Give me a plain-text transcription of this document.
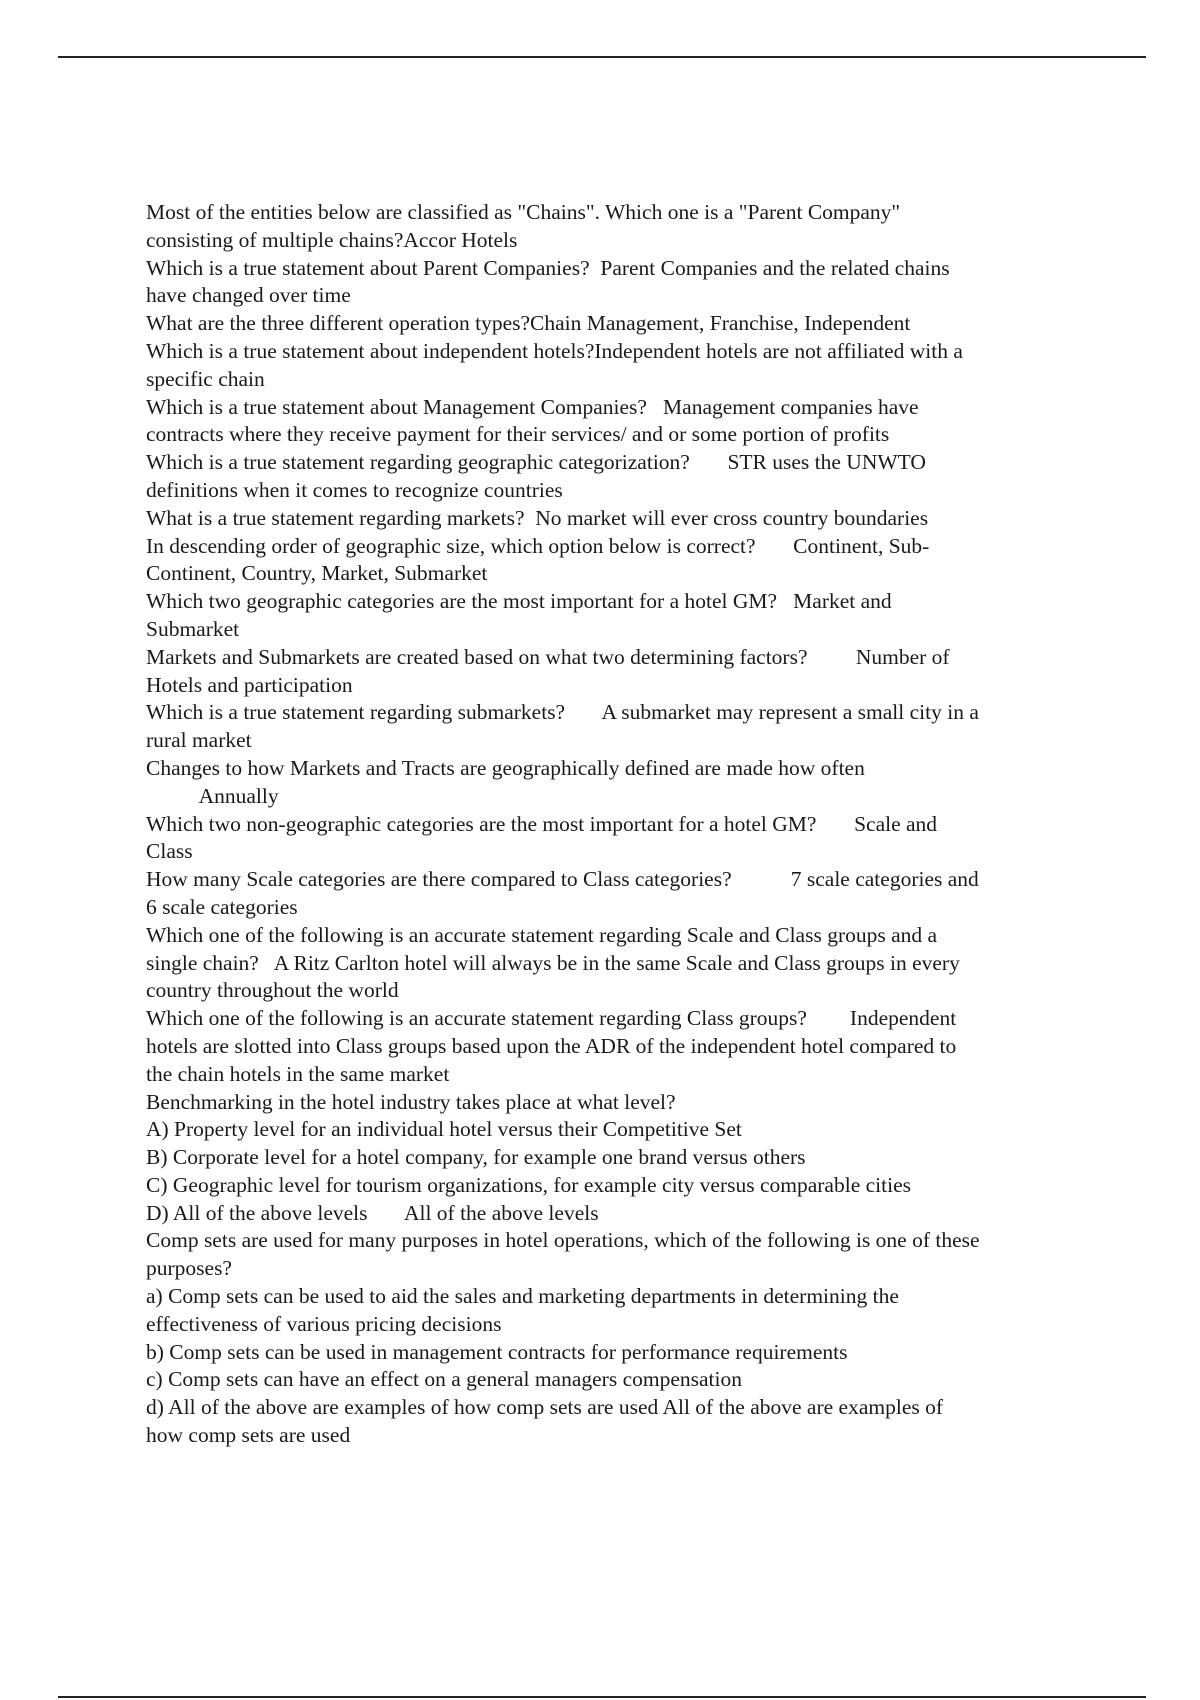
Most of the entities below are classified as "Chains". Which one is a "Parent Company"
consisting of multiple chains?Accor Hotels
Which is a true statement about Parent Companies?  Parent Companies and the related chains
have changed over time
What are the three different operation types?Chain Management, Franchise, Independent
Which is a true statement about independent hotels?Independent hotels are not affiliated with a
specific chain
Which is a true statement about Management Companies?   Management companies have
contracts where they receive payment for their services/ and or some portion of profits
Which is a true statement regarding geographic categorization?       STR uses the UNWTO
definitions when it comes to recognize countries
What is a true statement regarding markets?  No market will ever cross country boundaries
In descending order of geographic size, which option below is correct?       Continent, Sub-
Continent, Country, Market, Submarket
Which two geographic categories are the most important for a hotel GM?   Market and
Submarket
Markets and Submarkets are created based on what two determining factors?         Number of
Hotels and participation
Which is a true statement regarding submarkets?       A submarket may represent a small city in a
rural market
Changes to how Markets and Tracts are geographically defined are made how often
Annually
Which two non-geographic categories are the most important for a hotel GM?       Scale and
Class
How many Scale categories are there compared to Class categories?           7 scale categories and
6 scale categories
Which one of the following is an accurate statement regarding Scale and Class groups and a
single chain?   A Ritz Carlton hotel will always be in the same Scale and Class groups in every
country throughout the world
Which one of the following is an accurate statement regarding Class groups?        Independent
hotels are slotted into Class groups based upon the ADR of the independent hotel compared to
the chain hotels in the same market
Benchmarking in the hotel industry takes place at what level?
A) Property level for an individual hotel versus their Competitive Set
B) Corporate level for a hotel company, for example one brand versus others
C) Geographic level for tourism organizations, for example city versus comparable cities
D) All of the above levels       All of the above levels
Comp sets are used for many purposes in hotel operations, which of the following is one of these
purposes?
a) Comp sets can be used to aid the sales and marketing departments in determining the
effectiveness of various pricing decisions
b) Comp sets can be used in management contracts for performance requirements
c) Comp sets can have an effect on a general managers compensation
d) All of the above are examples of how comp sets are used All of the above are examples of
how comp sets are used
